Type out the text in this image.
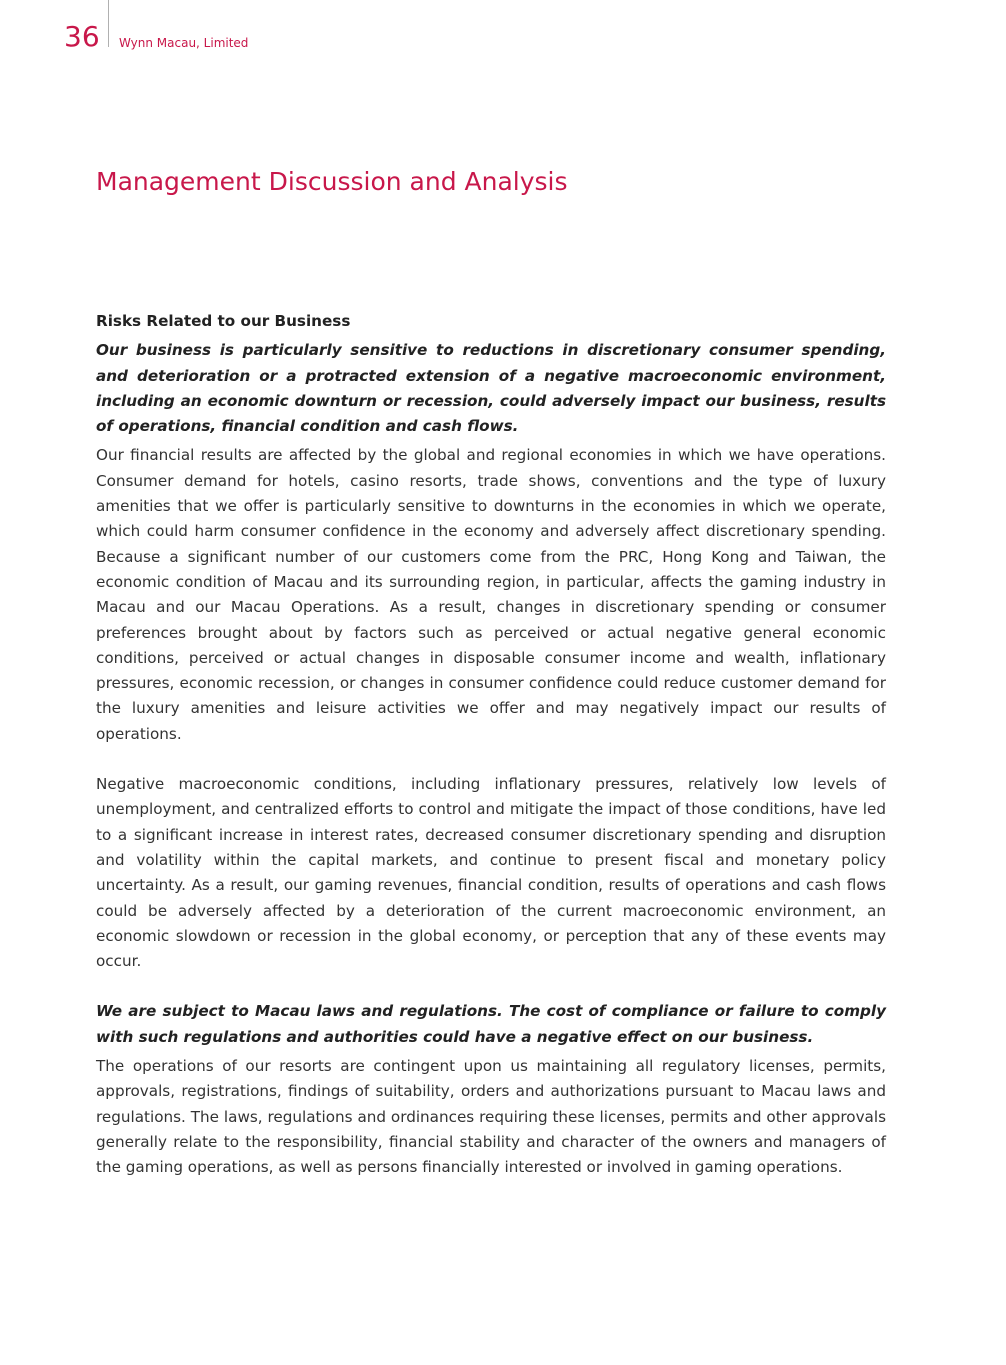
36 Wynn Macau, Limited
Management Discussion and Analysis

Risks Related to our Business

Our business is particularly sensitive to reductions in discretionary consumer spending, and deterioration or a protracted extension of a negative macroeconomic environment, including an economic downturn or recession, could adversely impact our business, results of operations, financial condition and cash flows.

Our financial results are affected by the global and regional economies in which we have operations. Consumer demand for hotels, casino resorts, trade shows, conventions and the type of luxury amenities that we offer is particularly sensitive to downturns in the economies in which we operate, which could harm consumer confidence in the economy and adversely affect discretionary spending. Because a significant number of our customers come from the PRC, Hong Kong and Taiwan, the economic condition of Macau and its surrounding region, in particular, affects the gaming industry in Macau and our Macau Operations. As a result, changes in discretionary spending or consumer preferences brought about by factors such as perceived or actual negative general economic conditions, perceived or actual changes in disposable consumer income and wealth, inflationary pressures, economic recession, or changes in consumer confidence could reduce customer demand for the luxury amenities and leisure activities we offer and may negatively impact our results of operations.

Negative macroeconomic conditions, including inflationary pressures, relatively low levels of unemployment, and centralized efforts to control and mitigate the impact of those conditions, have led to a significant increase in interest rates, decreased consumer discretionary spending and disruption and volatility within the capital markets, and continue to present fiscal and monetary policy uncertainty. As a result, our gaming revenues, financial condition, results of operations and cash flows could be adversely affected by a deterioration of the current macroeconomic environment, an economic slowdown or recession in the global economy, or perception that any of these events may occur.

We are subject to Macau laws and regulations. The cost of compliance or failure to comply with such regulations and authorities could have a negative effect on our business.

The operations of our resorts are contingent upon us maintaining all regulatory licenses, permits, approvals, registrations, findings of suitability, orders and authorizations pursuant to Macau laws and regulations. The laws, regulations and ordinances requiring these licenses, permits and other approvals generally relate to the responsibility, financial stability and character of the owners and managers of the gaming operations, as well as persons financially interested or involved in gaming operations.
